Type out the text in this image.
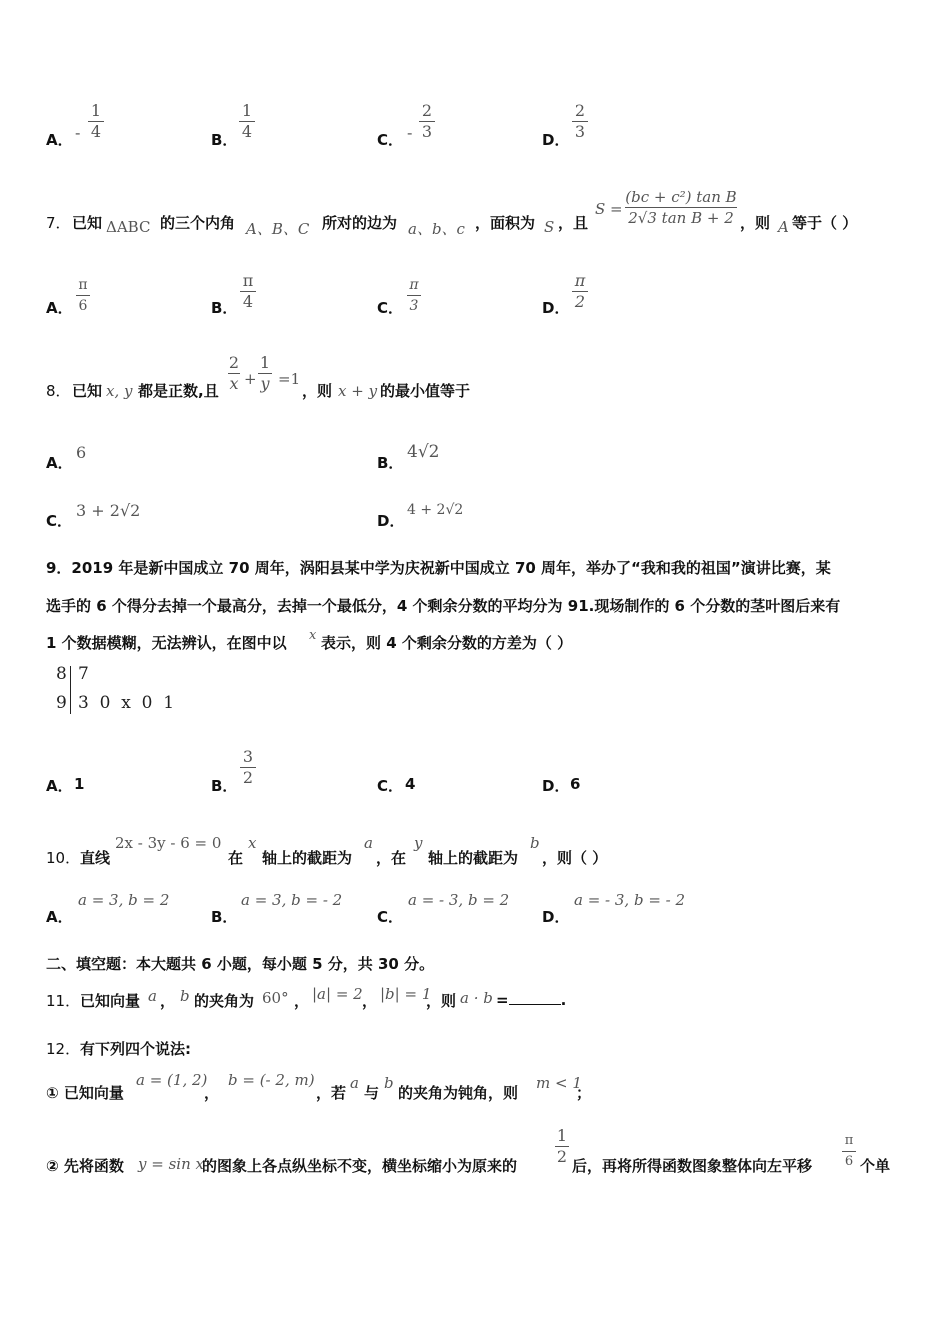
A． -
1
4	B．
1
4	C． -
2
3	D．
2
3
7． 已知 ΔABC 的三个内角 A、B、C 所对的边为 a、b、c ，面积为 S ，且
S =
(bc + c²) tan B
2√3 tan B + 2 ，则 A 等于（ ）
A．
π
6	B．
π
4	C．
π
3	D．
π
2
8． 已知 x, y 都是正数,且
2
x +
1
y =1
，则 x + y 的最小值等于
A．
6
B．
4√2
C．
3 + 2√2
D．
4 + 2√2
9．2019 年是新中国成立 70 周年，涡阳县某中学为庆祝新中国成立 70 周年，举办了“我和我的祖国”演讲比赛，某
选手的 6 个得分去掉一个最高分，去掉一个最低分，4 个剩余分数的平均分为 91.现场制作的 6 个分数的茎叶图后来有
1 个数据模糊，无法辨认，在图中以 x 表示，则 4 个剩余分数的方差为（ ）
8 7
9 3  0  x  0  1
A． 1	B．
3
2	C． 4	D． 6
10． 直线
2x - 3y - 6 = 0
在
x
轴上的截距为
a
，在
y
轴上的截距为
b
，则（ ）
A．
a = 3, b = 2
B．
a = 3, b = - 2
C．
a = - 3, b = 2
D．
a = - 3, b = - 2
二、填空题：本大题共 6 小题，每小题 5 分，共 30 分。
11． 已知向量 a ， b 的夹角为 60° ， |a| = 2 ， |b| = 1
，则 a · b =	.
12． 有下列四个说法:
① 已知向量
a = (1, 2)
，
b = (- 2, m)
，若
a
与
b
的夹角为钝角，则
m < 1
；
② 先将函数 y = sin x
的图象上各点纵坐标不变，横坐标缩小为原来的
1
2 后，再将所得函数图象整体向左平移
π
6 个单
